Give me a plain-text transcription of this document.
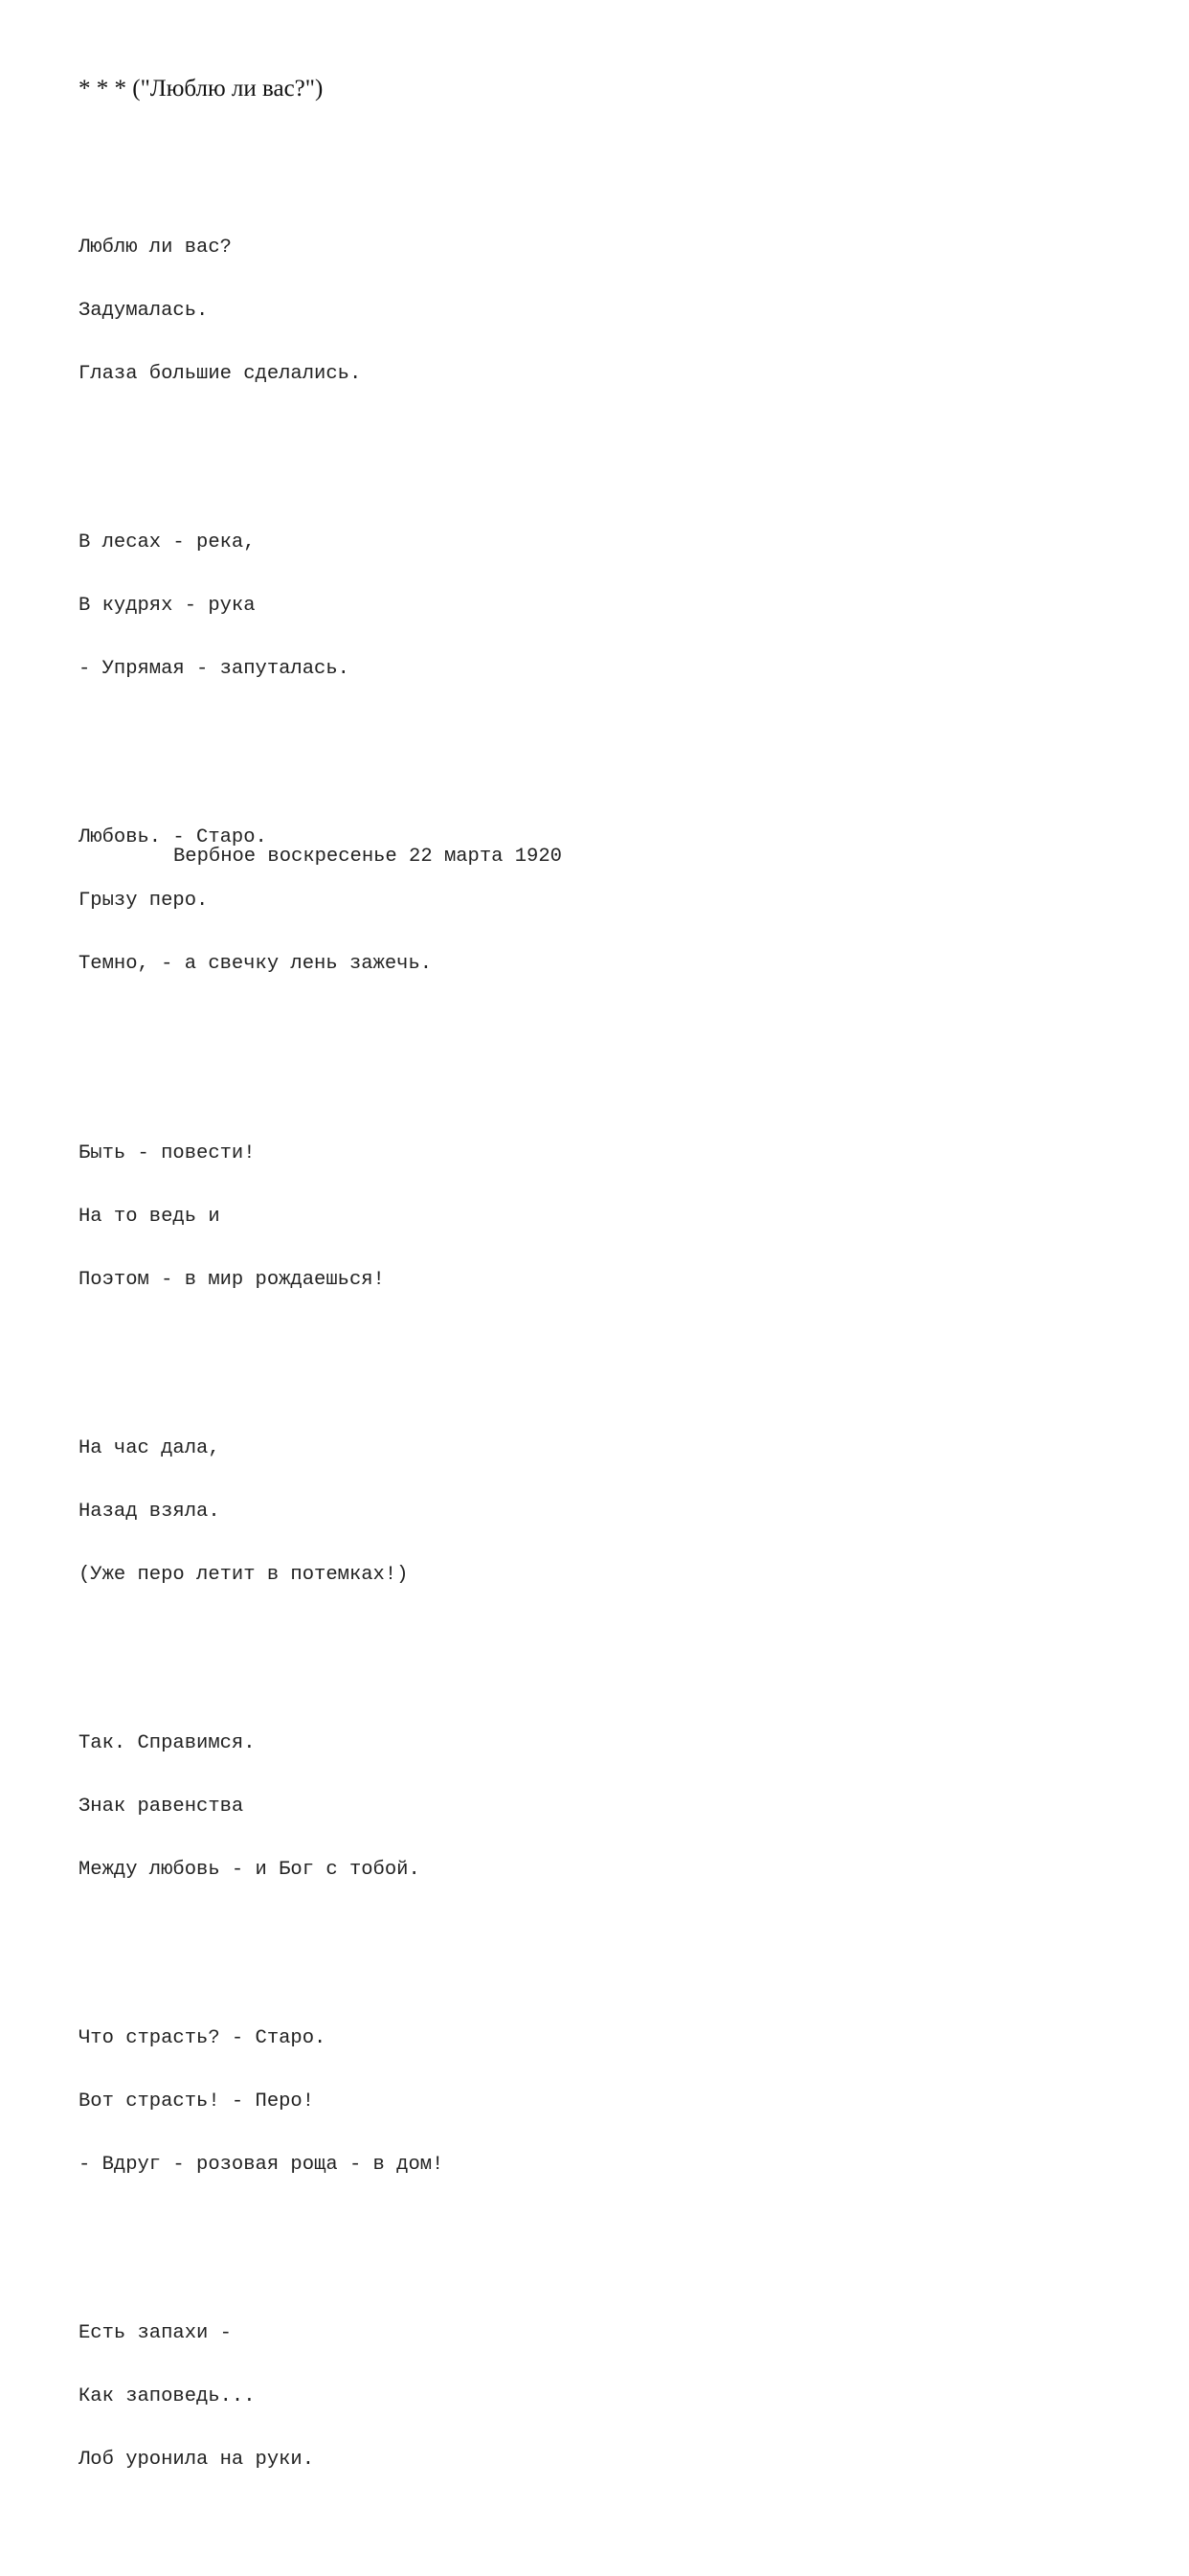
* * * ("Люблю ли вас?")

Люблю ли вас?

Задумалась.

Глаза большие сделались.

В лесах - река,

В кудрях - рука

- Упрямая - запуталась.

Любовь. - Старо.

Грызу перо.

Темно, - а свечку лень зажечь.

Быть - повести!

На то ведь и

Поэтом - в мир рождаешься!

На час дала,

Назад взяла.

(Уже перо летит в потемках!)

Так. Справимся.

Знак равенства

Между любовь - и Бог с тобой.

Что страсть? - Старо.

Вот страсть! - Перо!

- Вдруг - розовая роща - в дом!

Есть запахи -

Как заповедь...

Лоб уронила на руки.

Вербное воскресенье 22 марта 1920
